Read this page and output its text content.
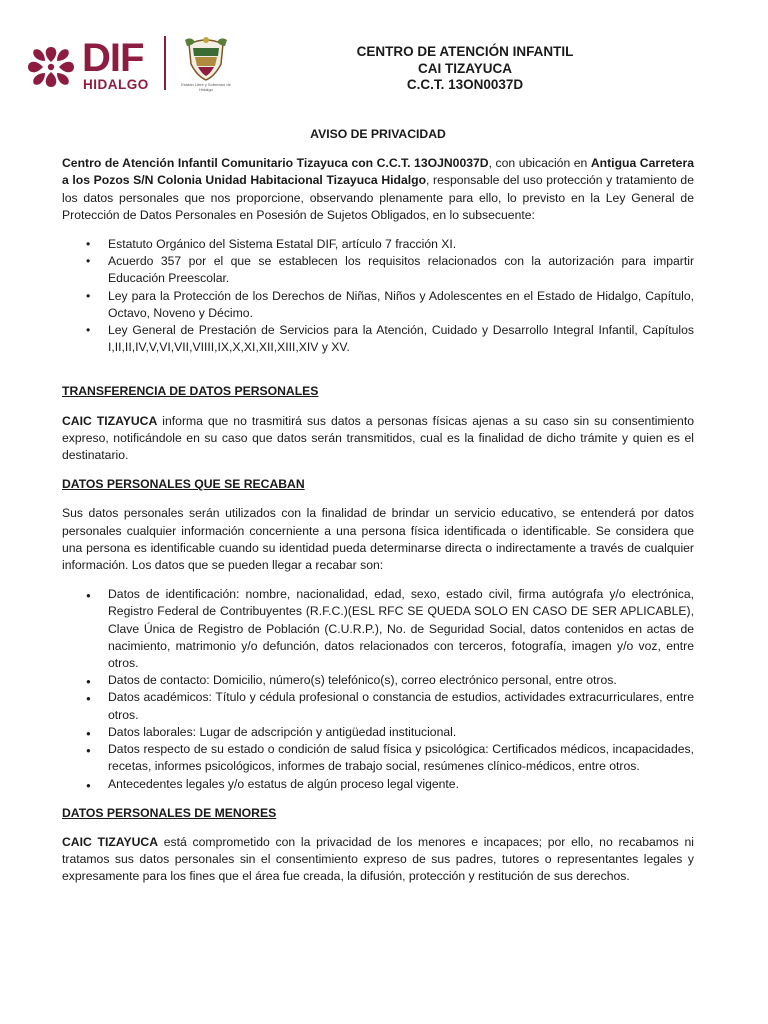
DIF
HIDALGO	Estado Libre y Soberano de Hidalgo
CENTRO DE ATENCIÓN INFANTIL
CAI TIZAYUCA
C.C.T. 13ON0037D
AVISO DE PRIVACIDAD

Centro de Atención Infantil Comunitario Tizayuca con C.C.T. 13OJN0037D, con ubicación en Antigua Carretera a los Pozos S/N Colonia Unidad Habitacional Tizayuca Hidalgo, responsable del uso protección y tratamiento de los datos personales que nos proporcione, observando plenamente para ello, lo previsto en la Ley General de Protección de Datos Personales en Posesión de Sujetos Obligados, en lo subsecuente:

• Estatuto Orgánico del Sistema Estatal DIF, artículo 7 fracción XI.
• Acuerdo 357 por el que se establecen los requisitos relacionados con la autorización para impartir Educación Preescolar.
• Ley para la Protección de los Derechos de Niñas, Niños y Adolescentes en el Estado de Hidalgo, Capítulo, Octavo, Noveno y Décimo.
• Ley General de Prestación de Servicios para la Atención, Cuidado y Desarrollo Integral Infantil, Capítulos I,II,II,IV,V,VI,VII,VIIII,IX,X,XI,XII,XIII,XIV y XV.
TRANSFERENCIA DE DATOS PERSONALES

CAIC TIZAYUCA informa que no trasmitirá sus datos a personas físicas ajenas a su caso sin su consentimiento expreso, notificándole en su caso que datos serán transmitidos, cual es la finalidad de dicho trámite y quien es el destinatario.

DATOS PERSONALES QUE SE RECABAN

Sus datos personales serán utilizados con la finalidad de brindar un servicio educativo, se entenderá por datos personales cualquier información concerniente a una persona física identificada o identificable. Se considera que una persona es identificable cuando su identidad pueda determinarse directa o indirectamente a través de cualquier información. Los datos que se pueden llegar a recabar son:

● Datos de identificación: nombre, nacionalidad, edad, sexo, estado civil, firma autógrafa y/o electrónica, Registro Federal de Contribuyentes (R.F.C.)(ESL RFC SE QUEDA SOLO EN CASO DE SER APLICABLE), Clave Única de Registro de Población (C.U.R.P.), No. de Seguridad Social, datos contenidos en actas de nacimiento, matrimonio y/o defunción, datos relacionados con terceros, fotografía, imagen y/o voz, entre otros.
● Datos de contacto: Domicilio, número(s) telefónico(s), correo electrónico personal, entre otros.
● Datos académicos: Título y cédula profesional o constancia de estudios, actividades extracurriculares, entre otros.
● Datos laborales: Lugar de adscripción y antigüedad institucional.
● Datos respecto de su estado o condición de salud física y psicológica: Certificados médicos, incapacidades, recetas, informes psicológicos, informes de trabajo social, resúmenes clínico-médicos, entre otros.
● Antecedentes legales y/o estatus de algún proceso legal vigente.
DATOS PERSONALES DE MENORES

CAIC TIZAYUCA está comprometido con la privacidad de los menores e incapaces; por ello, no recabamos ni tratamos sus datos personales sin el consentimiento expreso de sus padres, tutores o representantes legales y expresamente para los fines que el área fue creada, la difusión, protección y restitución de sus derechos.
